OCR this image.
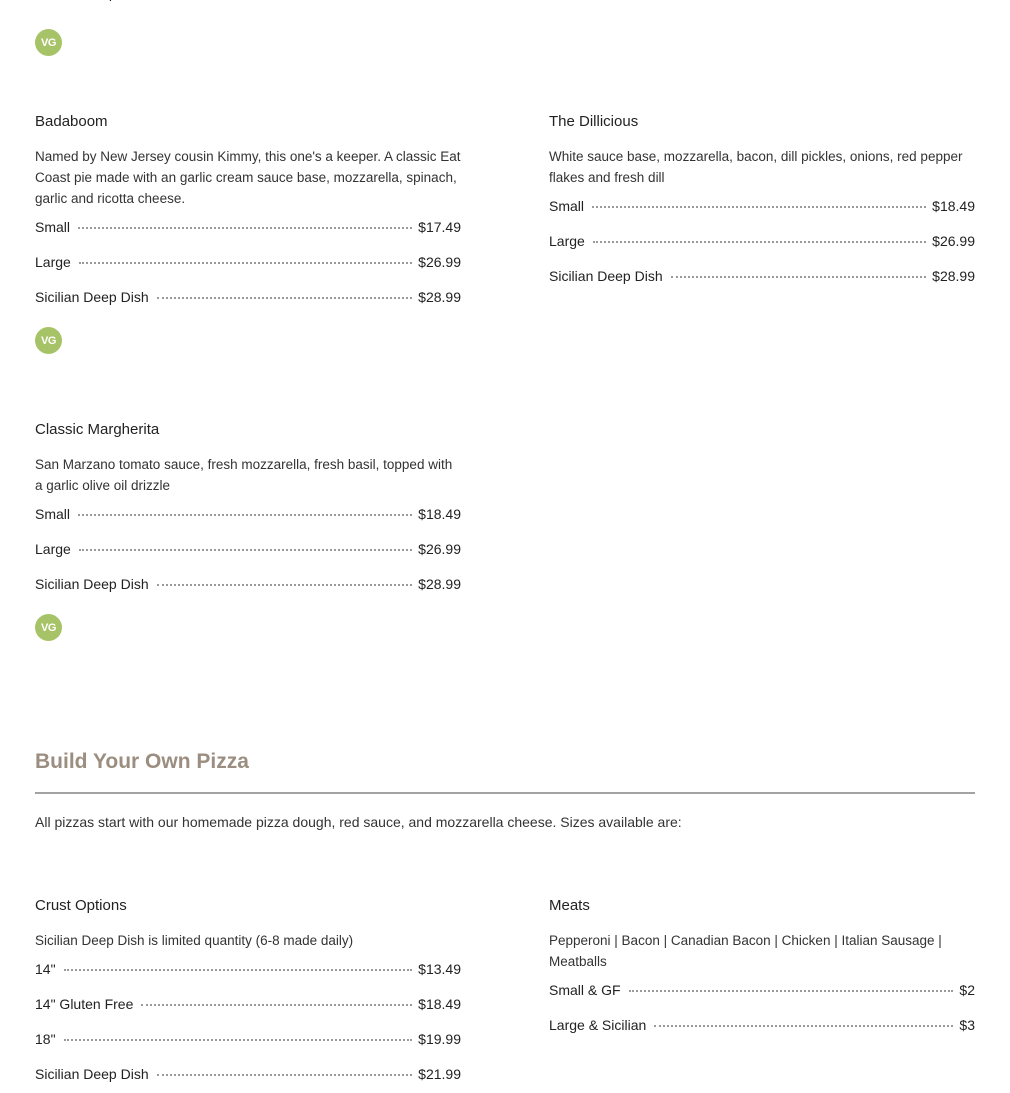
VG
Badaboom
Named by New Jersey cousin Kimmy, this one's a keeper. A classic Eat Coast pie made with an garlic cream sauce base, mozzarella, spinach, garlic and ricotta cheese.
Small	$17.49
Large	$26.99
Sicilian Deep Dish	$28.99
VG
The Dillicious
White sauce base, mozzarella, bacon, dill pickles, onions, red pepper flakes and fresh dill
Small	$18.49
Large	$26.99
Sicilian Deep Dish	$28.99
Classic Margherita
San Marzano tomato sauce, fresh mozzarella, fresh basil, topped with a garlic olive oil drizzle
Small	$18.49
Large	$26.99
Sicilian Deep Dish	$28.99
VG
Build Your Own Pizza
All pizzas start with our homemade pizza dough, red sauce, and mozzarella cheese. Sizes available are:
Crust Options
Sicilian Deep Dish is limited quantity (6-8 made daily)
14"	$13.49
14" Gluten Free	$18.49
18"	$19.99
Sicilian Deep Dish	$21.99
Meats
Pepperoni | Bacon | Canadian Bacon | Chicken | Italian Sausage | Meatballs
Small & GF	$2
Large & Sicilian	$3
